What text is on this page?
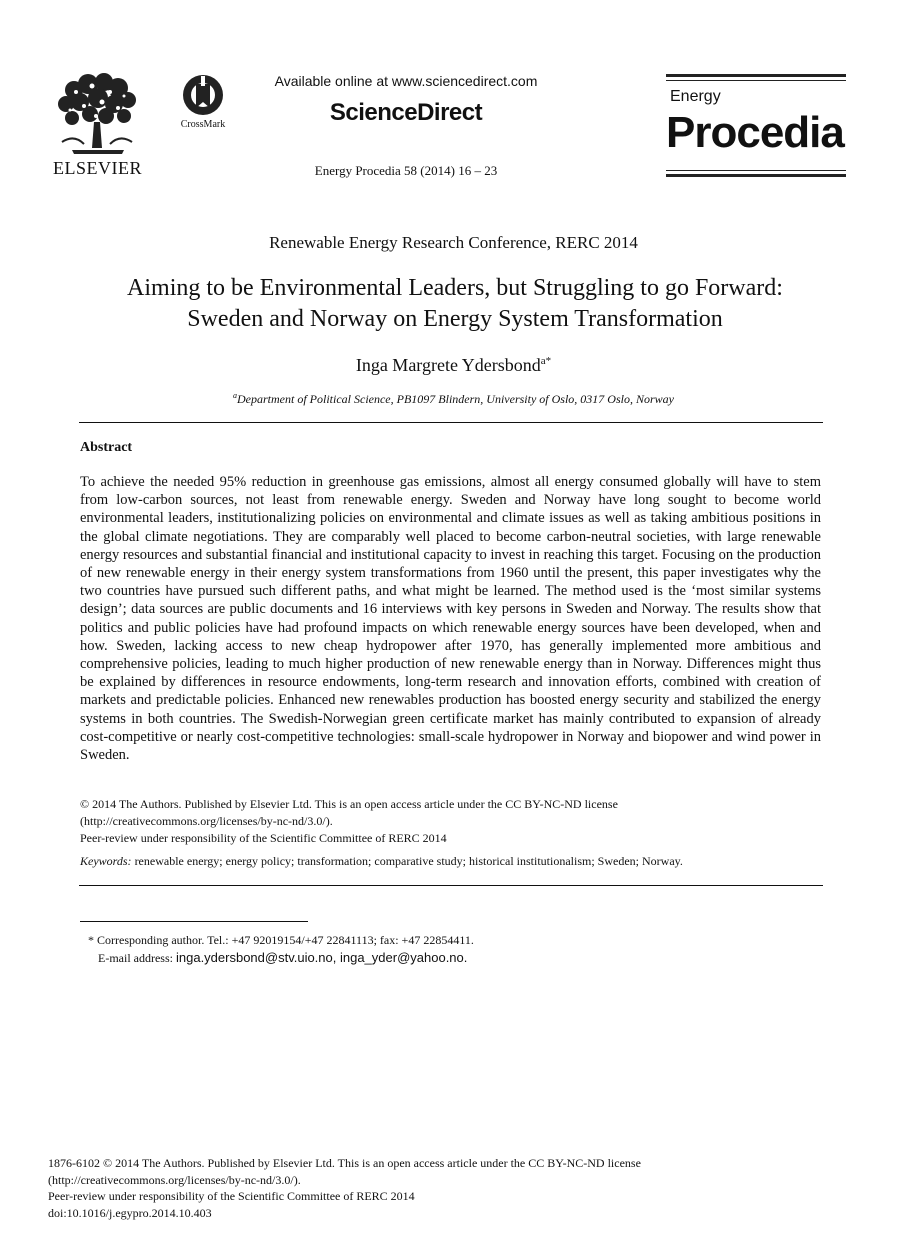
ELSEVIER
CrossMark
Available online at www.sciencedirect.com
ScienceDirect
Energy Procedia 58 (2014) 16 – 23
Energy
Procedia
Renewable Energy Research Conference, RERC 2014
Aiming to be Environmental Leaders, but Struggling to go Forward:
Sweden and Norway on Energy System Transformation
Inga Margrete Ydersbond$^{a*}$
$^a$Department of Political Science, PB1097 Blindern, University of Oslo, 0317 Oslo, Norway
Abstract
To achieve the needed 95% reduction in greenhouse gas emissions, almost all energy consumed globally will have to stem from low-carbon sources, not least from renewable energy. Sweden and Norway have long sought to become world environmental leaders, institutionalizing policies on environmental and climate issues as well as taking ambitious positions in the global climate negotiations. They are comparably well placed to become carbon-neutral societies, with large renewable energy resources and substantial financial and institutional capacity to invest in reaching this target. Focusing on the production of new renewable energy in their energy system transformations from 1960 until the present, this paper investigates why the two countries have pursued such different paths, and what might be learned. The method used is the ‘most similar systems design’; data sources are public documents and 16 interviews with key persons in Sweden and Norway. The results show that politics and public policies have had profound impacts on which renewable energy sources have been developed, when and how. Sweden, lacking access to new cheap hydropower after 1970, has generally implemented more ambitious and comprehensive policies, leading to much higher production of new renewable energy than in Norway. Differences might thus be explained by differences in resource endowments, long-term research and innovation efforts, combined with creation of markets and predictable policies. Enhanced new renewables production has boosted energy security and stabilized the energy systems in both countries. The Swedish-Norwegian green certificate market has mainly contributed to expansion of already cost-competitive or nearly cost-competitive technologies: small-scale hydropower in Norway and biopower and wind power in Sweden.
© 2014 The Authors. Published by Elsevier Ltd. This is an open access article under the CC BY-NC-ND license
(http://creativecommons.org/licenses/by-nc-nd/3.0/).
Peer-review under responsibility of the Scientific Committee of RERC 2014
Keywords: renewable energy; energy policy; transformation; comparative study; historical institutionalism; Sweden; Norway.
* Corresponding author. Tel.: +47 92019154/+47 22841113; fax: +47 22854411.
E-mail address: inga.ydersbond@stv.uio.no, inga_yder@yahoo.no.
1876-6102 © 2014 The Authors. Published by Elsevier Ltd. This is an open access article under the CC BY-NC-ND license
(http://creativecommons.org/licenses/by-nc-nd/3.0/).
Peer-review under responsibility of the Scientific Committee of RERC 2014
doi:10.1016/j.egypro.2014.10.403
